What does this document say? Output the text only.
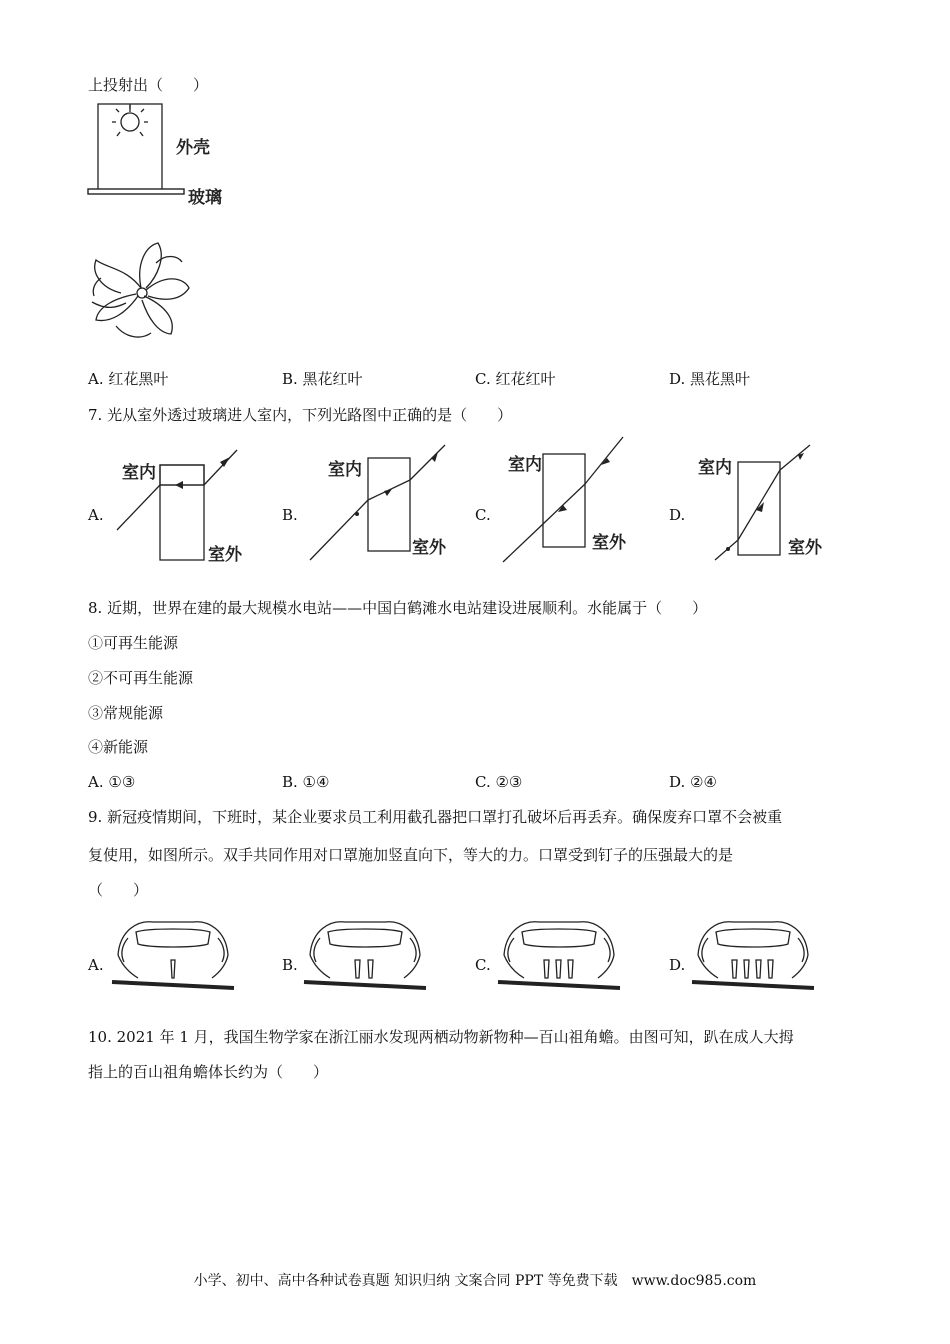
上投射出（　　）
外壳
玻璃
A. 红花黑叶	B. 黑花红叶	C. 红花红叶	D. 黑花黑叶
7. 光从室外透过玻璃进人室内，下列光路图中正确的是（　　）
A.
室内
室外
B.
室内
室外
C.
室内
室外
D.
室内
室外
8. 近期，世界在建的最大规模水电站——中国白鹤滩水电站建设进展顺利。水能属于（　　）
①可再生能源
②不可再生能源
③常规能源
④新能源
A. ①③	B. ①④	C. ②③	D. ②④
9. 新冠疫情期间，下班时，某企业要求员工利用截孔器把口罩打孔破坏后再丢弃。确保废弃口罩不会被重
复使用，如图所示。双手共同作用对口罩施加竖直向下，等大的力。口罩受到钉子的压强最大的是
（　　）
A.	B.	C.	D.
10. 2021 年 1 月，我国生物学家在浙江丽水发现两栖动物新物种—百山祖角蟾。由图可知，趴在成人大拇
指上的百山祖角蟾体长约为（　　）
小学、初中、高中各种试卷真题 知识归纳 文案合同 PPT 等免费下载　www.doc985.com
